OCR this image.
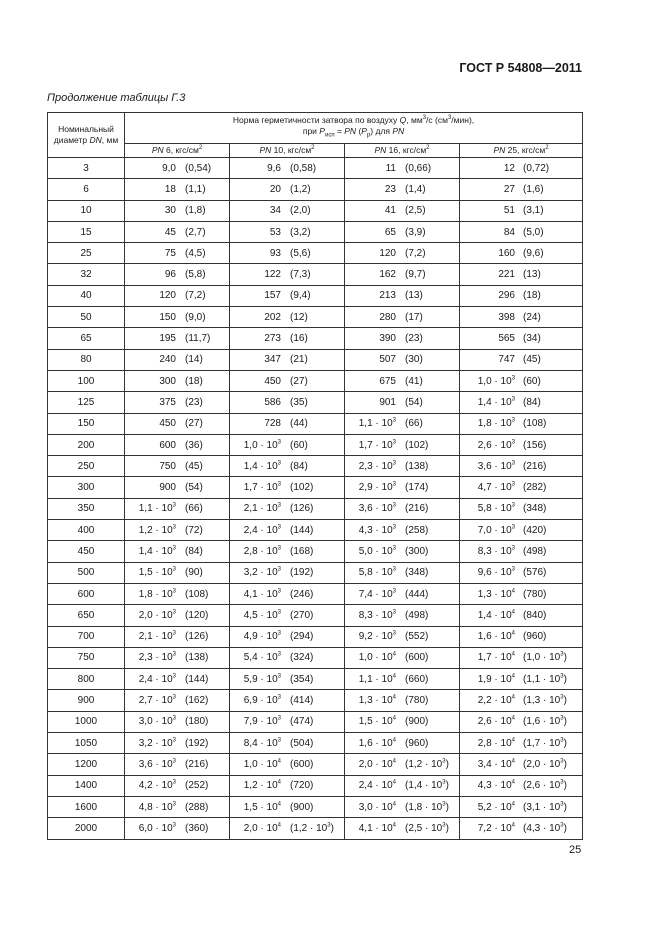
ГОСТ Р 54808—2011
Продолжение таблицы Г.3
Номинальный диаметр DN, мм	Норма герметичности затвора по воздуху Q, $мм^3/с$ $(см^3/мин)$,
при $P_{исп}$ = PN $(P_р)$ для PN			
	PN 6, кгс/$см^2$	PN 10, кгс/$см^2$	PN 16, кгс/$см^2$	PN 25, кгс/$см^2$
3	9,0 (0,54)	9,6 (0,58)	11 (0,66)	12 (0,72)
6	18 (1,1)	20 (1,2)	23 (1,4)	27 (1,6)
10	30 (1,8)	34 (2,0)	41 (2,5)	51 (3,1)
15	45 (2,7)	53 (3,2)	65 (3,9)	84 (5,0)
25	75 (4,5)	93 (5,6)	120 (7,2)	160 (9,6)
32	96 (5,8)	122 (7,3)	162 (9,7)	221 (13)
40	120 (7,2)	157 (9,4)	213 (13)	296 (18)
50	150 (9,0)	202 (12)	280 (17)	398 (24)
65	195 (11,7)	273 (16)	390 (23)	565 (34)
80	240 (14)	347 (21)	507 (30)	747 (45)
100	300 (18)	450 (27)	675 (41)	$1,0 \cdot 10^3$ (60)
125	375 (23)	586 (35)	901 (54)	$1,4 \cdot 10^3$ (84)
150	450 (27)	728 (44)	$1,1 \cdot 10^3$ (66)	$1,8 \cdot 10^3$ (108)
200	600 (36)	$1,0 \cdot 10^3$ (60)	$1,7 \cdot 10^3$ (102)	$2,6 \cdot 10^3$ (156)
250	750 (45)	$1,4 \cdot 10^3$ (84)	$2,3 \cdot 10^3$ (138)	$3,6 \cdot 10^3$ (216)
300	900 (54)	$1,7 \cdot 10^3$ (102)	$2,9 \cdot 10^3$ (174)	$4,7 \cdot 10^3$ (282)
350	$1,1 \cdot 10^3$ (66)	$2,1 \cdot 10^3$ (126)	$3,6 \cdot 10^3$ (216)	$5,8 \cdot 10^3$ (348)
400	$1,2 \cdot 10^3$ (72)	$2,4 \cdot 10^3$ (144)	$4,3 \cdot 10^3$ (258)	$7,0 \cdot 10^3$ (420)
450	$1,4 \cdot 10^3$ (84)	$2,8 \cdot 10^3$ (168)	$5,0 \cdot 10^3$ (300)	$8,3 \cdot 10^3$ (498)
500	$1,5 \cdot 10^3$ (90)	$3,2 \cdot 10^3$ (192)	$5,8 \cdot 10^3$ (348)	$9,6 \cdot 10^3$ (576)
600	$1,8 \cdot 10^3$ (108)	$4,1 \cdot 10^3$ (246)	$7,4 \cdot 10^3$ (444)	$1,3 \cdot 10^4$ (780)
650	$2,0 \cdot 10^3$ (120)	$4,5 \cdot 10^3$ (270)	$8,3 \cdot 10^3$ (498)	$1,4 \cdot 10^4$ (840)
700	$2,1 \cdot 10^3$ (126)	$4,9 \cdot 10^3$ (294)	$9,2 \cdot 10^3$ (552)	$1,6 \cdot 10^4$ (960)
750	$2,3 \cdot 10^3$ (138)	$5,4 \cdot 10^3$ (324)	$1,0 \cdot 10^4$ (600)	$1,7 \cdot 10^4$ $(1,0 \cdot 10^3)$
800	$2,4 \cdot 10^3$ (144)	$5,9 \cdot 10^3$ (354)	$1,1 \cdot 10^4$ (660)	$1,9 \cdot 10^4$ $(1,1 \cdot 10^3)$
900	$2,7 \cdot 10^3$ (162)	$6,9 \cdot 10^3$ (414)	$1,3 \cdot 10^4$ (780)	$2,2 \cdot 10^4$ $(1,3 \cdot 10^3)$
1000	$3,0 \cdot 10^3$ (180)	$7,9 \cdot 10^3$ (474)	$1,5 \cdot 10^4$ (900)	$2,6 \cdot 10^4$ $(1,6 \cdot 10^3)$
1050	$3,2 \cdot 10^3$ (192)	$8,4 \cdot 10^3$ (504)	$1,6 \cdot 10^4$ (960)	$2,8 \cdot 10^4$ $(1,7 \cdot 10^3)$
1200	$3,6 \cdot 10^3$ (216)	$1,0 \cdot 10^4$ (600)	$2,0 \cdot 10^4$ $(1,2 \cdot 10^3)$	$3,4 \cdot 10^4$ $(2,0 \cdot 10^3)$
1400	$4,2 \cdot 10^3$ (252)	$1,2 \cdot 10^4$ (720)	$2,4 \cdot 10^4$ $(1,4 \cdot 10^3)$	$4,3 \cdot 10^4$ $(2,6 \cdot 10^3)$
1600	$4,8 \cdot 10^3$ (288)	$1,5 \cdot 10^4$ (900)	$3,0 \cdot 10^4$ $(1,8 \cdot 10^3)$	$5,2 \cdot 10^4$ $(3,1 \cdot 10^3)$
2000	$6,0 \cdot 10^3$ (360)	$2,0 \cdot 10^4$ $(1,2 \cdot 10^3)$	$4,1 \cdot 10^4$ $(2,5 \cdot 10^3)$	$7,2 \cdot 10^4$ $(4,3 \cdot 10^3)$
25
